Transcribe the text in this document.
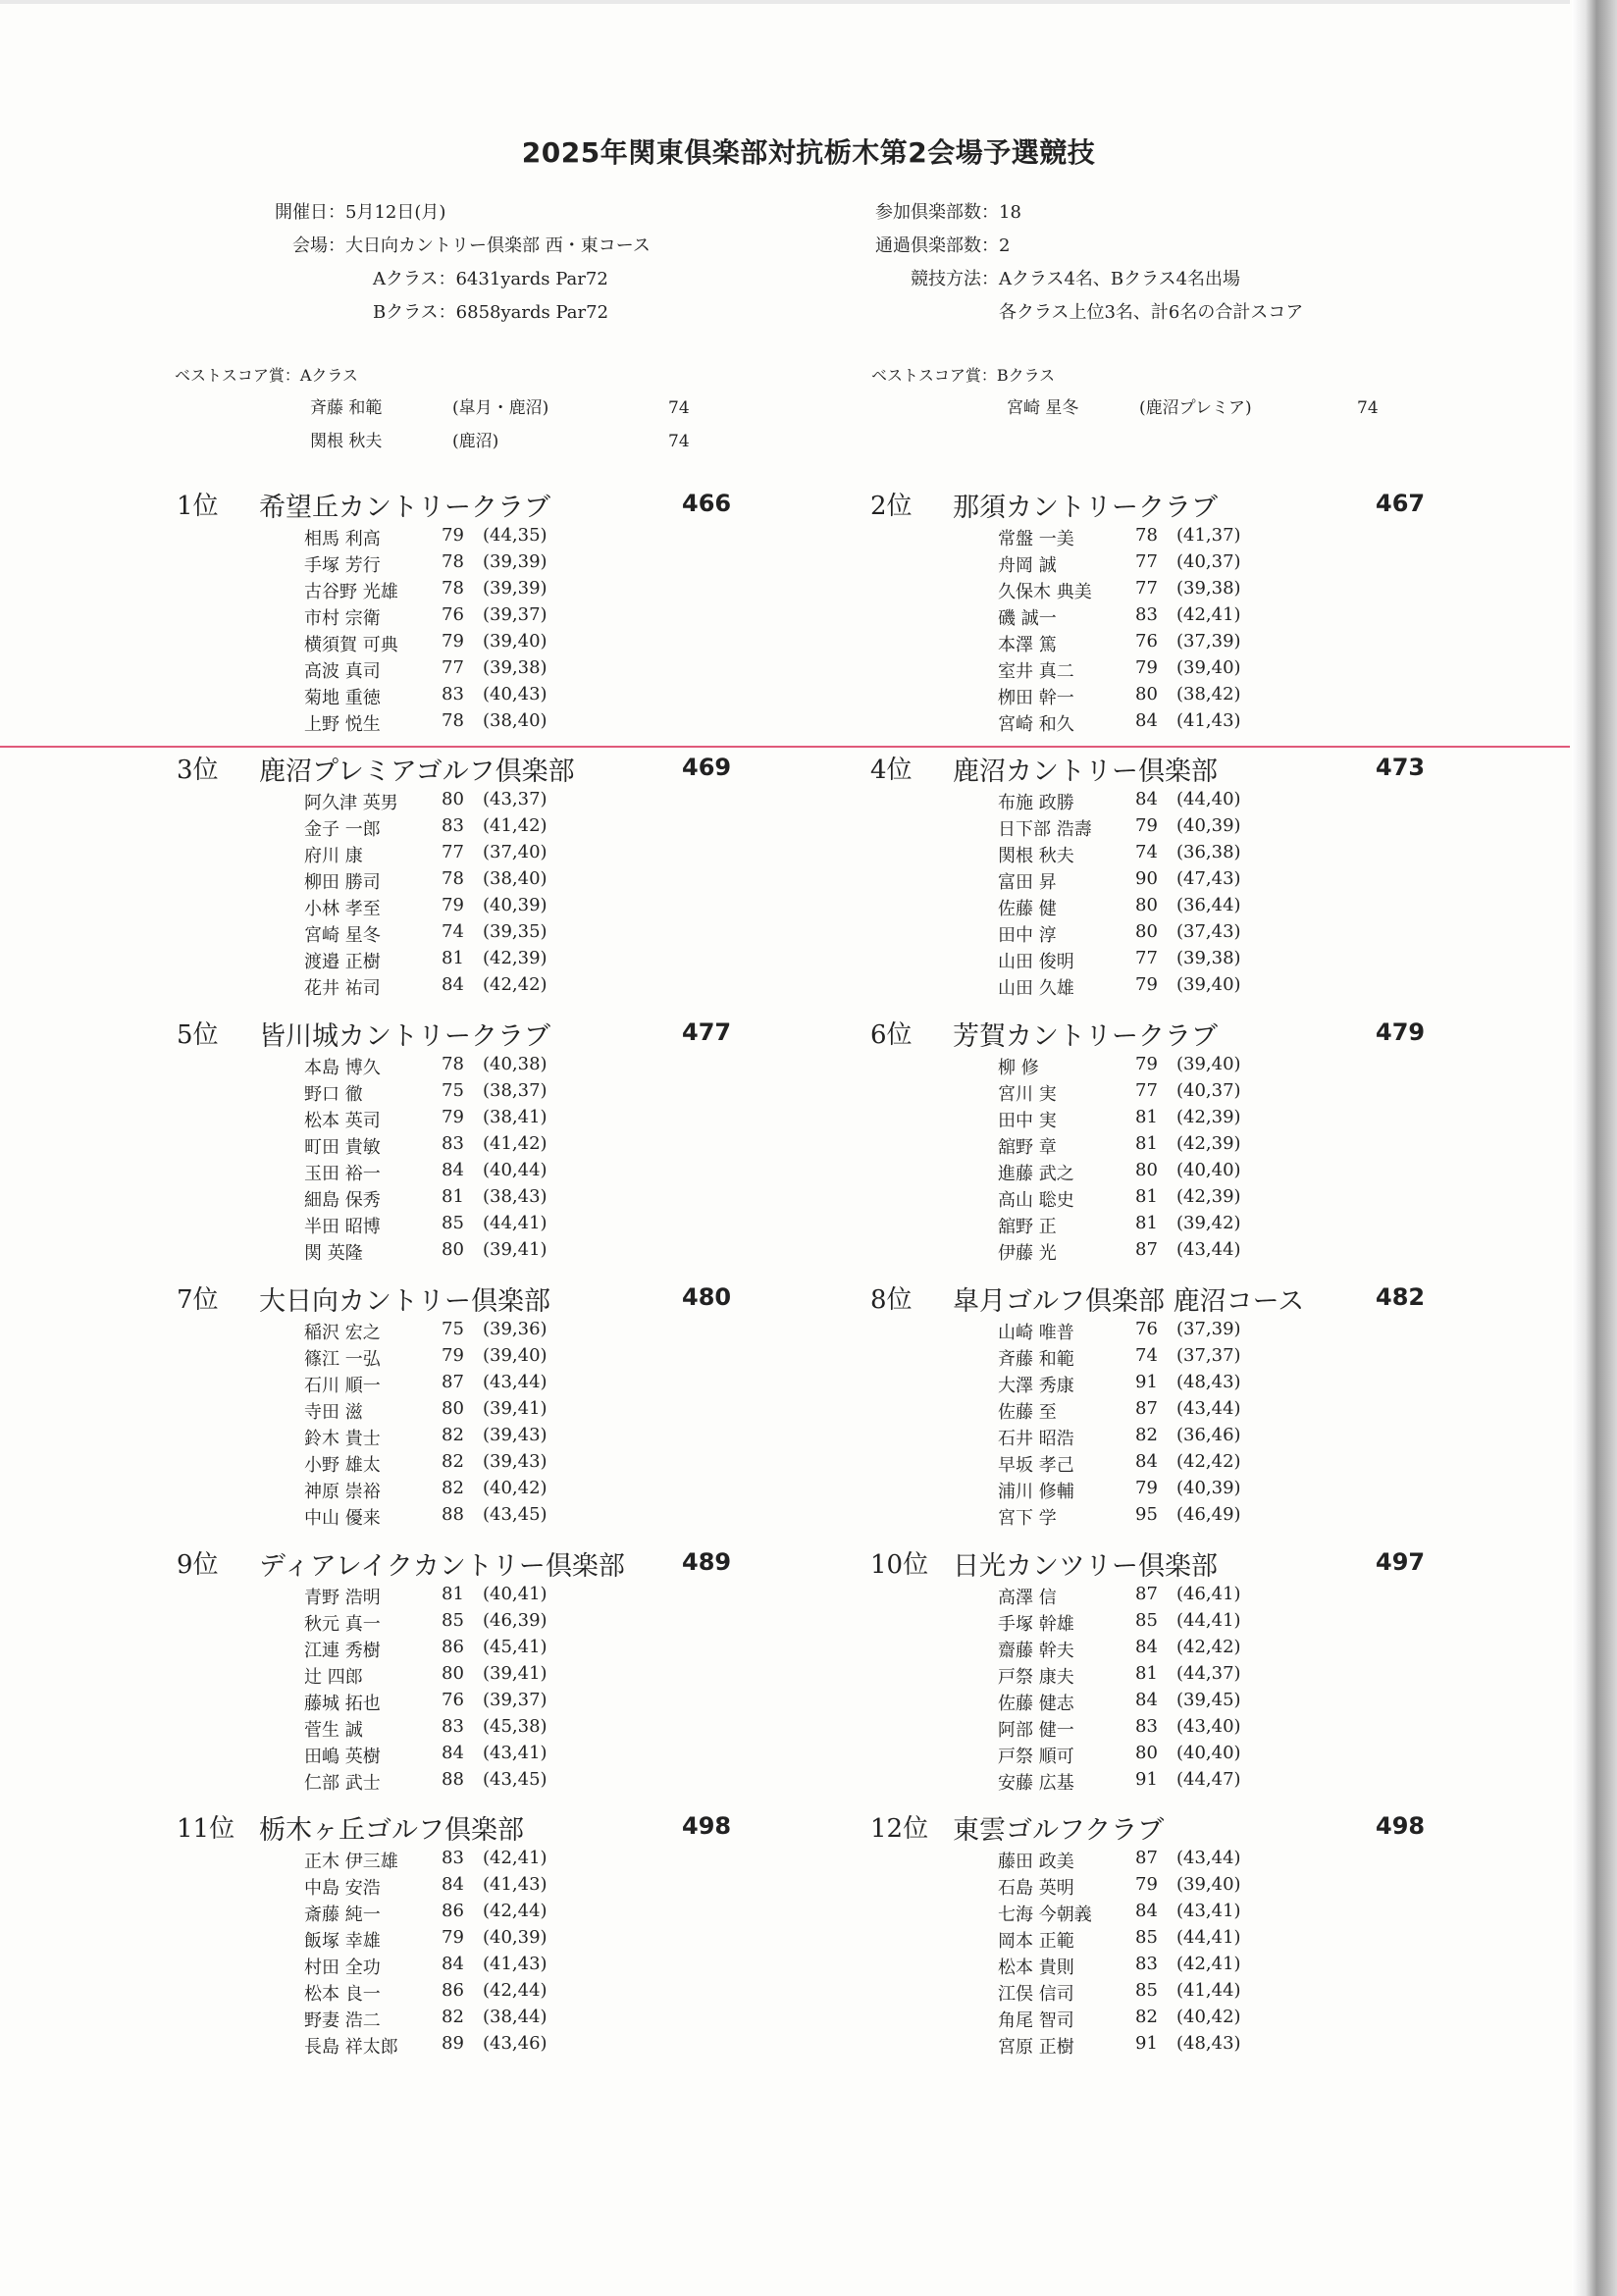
2025年関東倶楽部対抗栃木第2会場予選競技
開催日：5月12日(月)
会場：大日向カントリー倶楽部 西・東コース
Aクラス：6431yards Par72
Bクラス：6858yards Par72
参加倶楽部数：18
通過倶楽部数：2
競技方法：Aクラス4名、Bクラス4名出場
各クラス上位3名、計6名の合計スコア
ベストスコア賞：Aクラス
斉藤 和範	(皐月・鹿沼)	74
関根 秋夫	(鹿沼)	74
ベストスコア賞：Bクラス
宮崎 星冬	(鹿沼プレミア)	74
1位 希望丘カントリークラブ	466
相馬 利高	79 (44,35)
手塚 芳行	78 (39,39)
古谷野 光雄 78 (39,39)
市村 宗衛	76 (39,37)
横須賀 可典 79 (39,40)
高波 真司	77 (39,38)
菊地 重徳	83 (40,43)
上野 悦生	78 (38,40)
2位 那須カントリークラブ	467
常盤 一美	78 (41,37)
舟岡 誠	77 (40,37)
久保木 典美 77 (39,38)
磯 誠一	83 (42,41)
本澤 篤	76 (37,39)
室井 真二	79 (39,40)
栁田 幹一	80 (38,42)
宮崎 和久	84 (41,43)
3位 鹿沼プレミアゴルフ倶楽部	469
阿久津 英男 80 (43,37)
金子 一郎	83 (41,42)
府川 康	77 (37,40)
柳田 勝司	78 (38,40)
小林 孝至	79 (40,39)
宮崎 星冬	74 (39,35)
渡邉 正樹	81 (42,39)
花井 祐司	84 (42,42)
4位 鹿沼カントリー倶楽部	473
布施 政勝	84 (44,40)
日下部 浩壽 79 (40,39)
関根 秋夫	74 (36,38)
富田 昇	90 (47,43)
佐藤 健	80 (36,44)
田中 淳	80 (37,43)
山田 俊明	77 (39,38)
山田 久雄	79 (39,40)
5位 皆川城カントリークラブ	477
本島 博久	78 (40,38)
野口 徹	75 (38,37)
松本 英司	79 (38,41)
町田 貴敏	83 (41,42)
玉田 裕一	84 (40,44)
細島 保秀	81 (38,43)
半田 昭博	85 (44,41)
関 英隆	80 (39,41)
6位 芳賀カントリークラブ	479
柳 修	79 (39,40)
宮川 実	77 (40,37)
田中 実	81 (42,39)
舘野 章	81 (42,39)
進藤 武之	80 (40,40)
高山 聡史	81 (42,39)
舘野 正	81 (39,42)
伊藤 光	87 (43,44)
7位 大日向カントリー倶楽部	480
稲沢 宏之	75 (39,36)
篠江 一弘	79 (39,40)
石川 順一	87 (43,44)
寺田 滋	80 (39,41)
鈴木 貴士	82 (39,43)
小野 雄太	82 (39,43)
神原 崇裕	82 (40,42)
中山 優来	88 (43,45)
8位 皐月ゴルフ倶楽部 鹿沼コース	482
山崎 唯普	76 (37,39)
斉藤 和範	74 (37,37)
大澤 秀康	91 (48,43)
佐藤 至	87 (43,44)
石井 昭浩	82 (36,46)
早坂 孝己	84 (42,42)
浦川 修輔	79 (40,39)
宮下 学	95 (46,49)
9位 ディアレイクカントリー倶楽部 489
青野 浩明	81 (40,41)
秋元 真一	85 (46,39)
江連 秀樹	86 (45,41)
辻 四郎	80 (39,41)
藤城 拓也	76 (39,37)
菅生 誠	83 (45,38)
田嶋 英樹	84 (43,41)
仁部 武士	88 (43,45)
10位 日光カンツリー倶楽部	497
高澤 信	87 (46,41)
手塚 幹雄	85 (44,41)
齋藤 幹夫	84 (42,42)
戸祭 康夫	81 (44,37)
佐藤 健志	84 (39,45)
阿部 健一	83 (43,40)
戸祭 順可	80 (40,40)
安藤 広基	91 (44,47)
11位 栃木ヶ丘ゴルフ倶楽部	498
正木 伊三雄 83 (42,41)
中島 安浩	84 (41,43)
斎藤 純一	86 (42,44)
飯塚 幸雄	79 (40,39)
村田 全功	84 (41,43)
松本 良一	86 (42,44)
野妻 浩二	82 (38,44)
長島 祥太郎 89 (43,46)
12位 東雲ゴルフクラブ	498
藤田 政美	87 (43,44)
石島 英明	79 (39,40)
七海 今朝義 84 (43,41)
岡本 正範	85 (44,41)
松本 貴則	83 (42,41)
江俣 信司	85 (41,44)
角尾 智司	82 (40,42)
宮原 正樹	91 (48,43)
